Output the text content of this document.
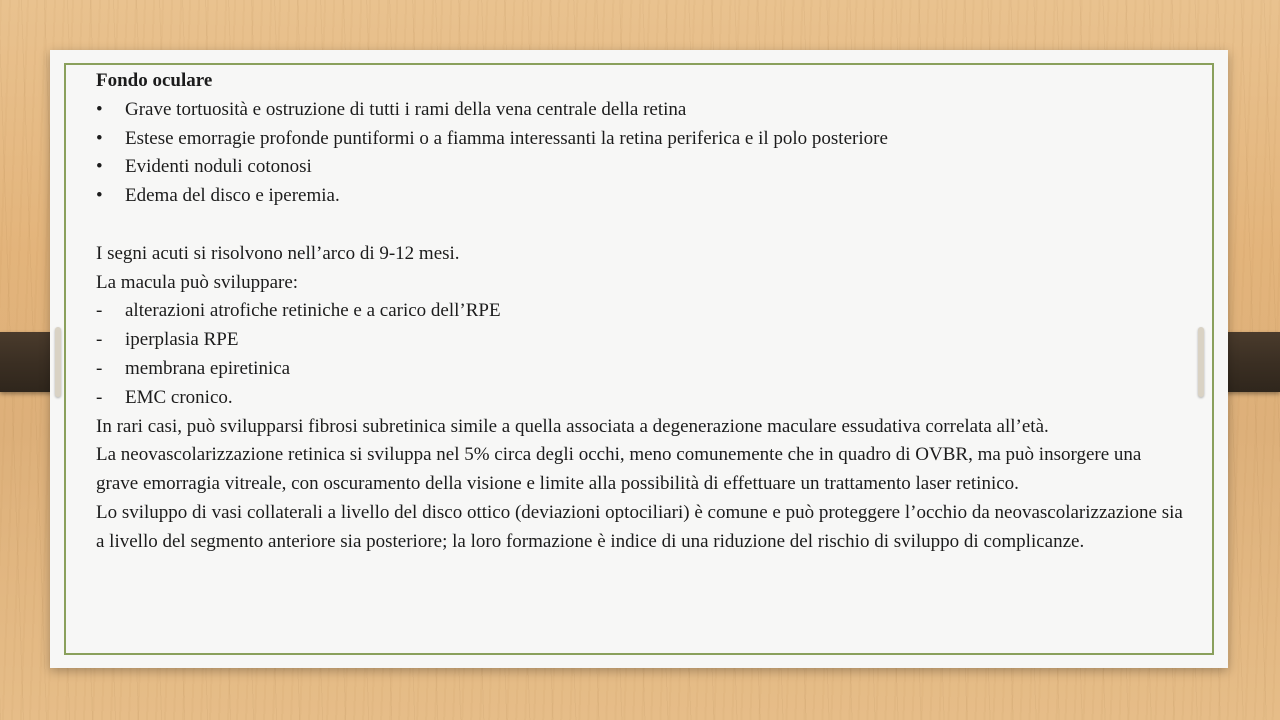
Fondo oculare

•	Grave tortuosità e ostruzione di tutti i rami della vena centrale della retina
•	Estese emorragie profonde puntiformi o a fiamma interessanti la retina periferica e il polo posteriore
•	Evidenti noduli cotonosi
•	Edema del disco e iperemia.

I segni acuti si risolvono nell’arco di 9-12 mesi.

La macula può sviluppare:

-	alterazioni atrofiche retiniche e a carico dell’RPE
-	iperplasia RPE
-	membrana epiretinica
-	EMC cronico.

In rari casi, può svilupparsi fibrosi subretinica simile a quella associata a degenerazione maculare essudativa correlata all’età.

La neovascolarizzazione retinica si sviluppa nel 5% circa degli occhi, meno comunemente che in quadro di OVBR, ma può insorgere una grave emorragia vitreale, con oscuramento della visione e limite alla possibilità di effettuare un trattamento laser retinico.

Lo sviluppo di vasi collaterali a livello del disco ottico (deviazioni optociliari) è comune e può proteggere l’occhio da neovascolarizzazione sia a livello del segmento anteriore sia posteriore; la loro formazione è indice di una riduzione del rischio di sviluppo di complicanze.
